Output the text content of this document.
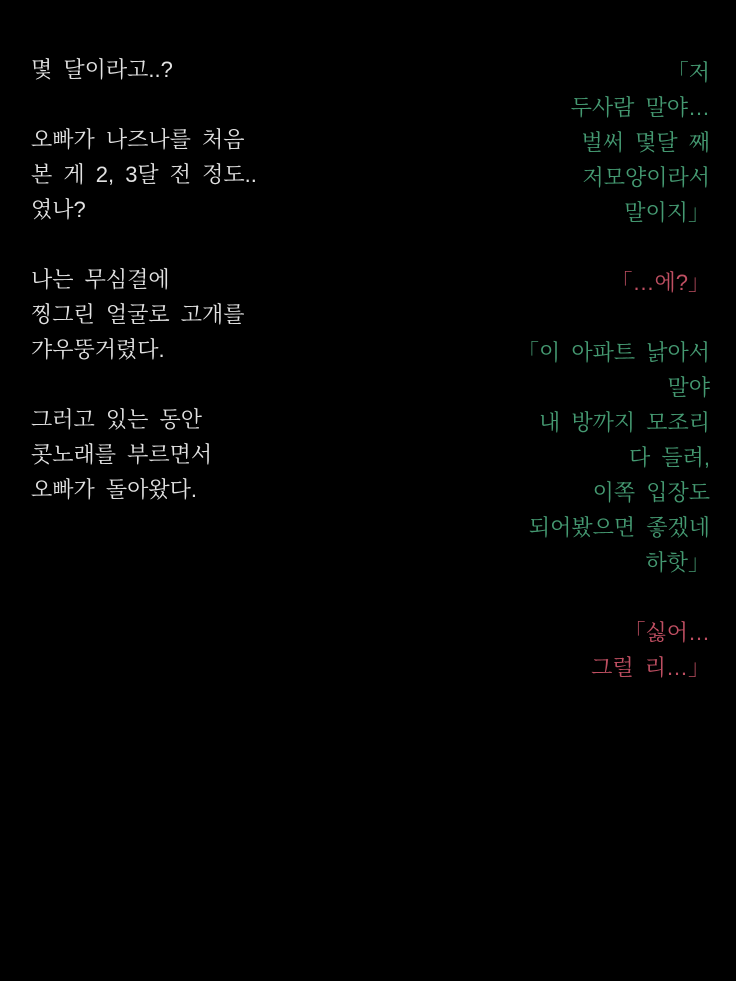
몇 달이라고..?
오빠가 나즈나를 처음
본 게 2, 3달 전 정도..
였나?
나는 무심결에
찡그린 얼굴로 고개를
갸우뚱거렸다.
그러고 있는 동안
콧노래를 부르면서
오빠가 돌아왔다.
「저
두사람 말야…
벌써 몇달 째
저모양이라서
말이지」
「…에?」
「이 아파트 낡아서
말야
내 방까지 모조리
다 들려,
이쪽 입장도
되어봤으면 좋겠네
하핫」
「싫어…
그럴 리…」
